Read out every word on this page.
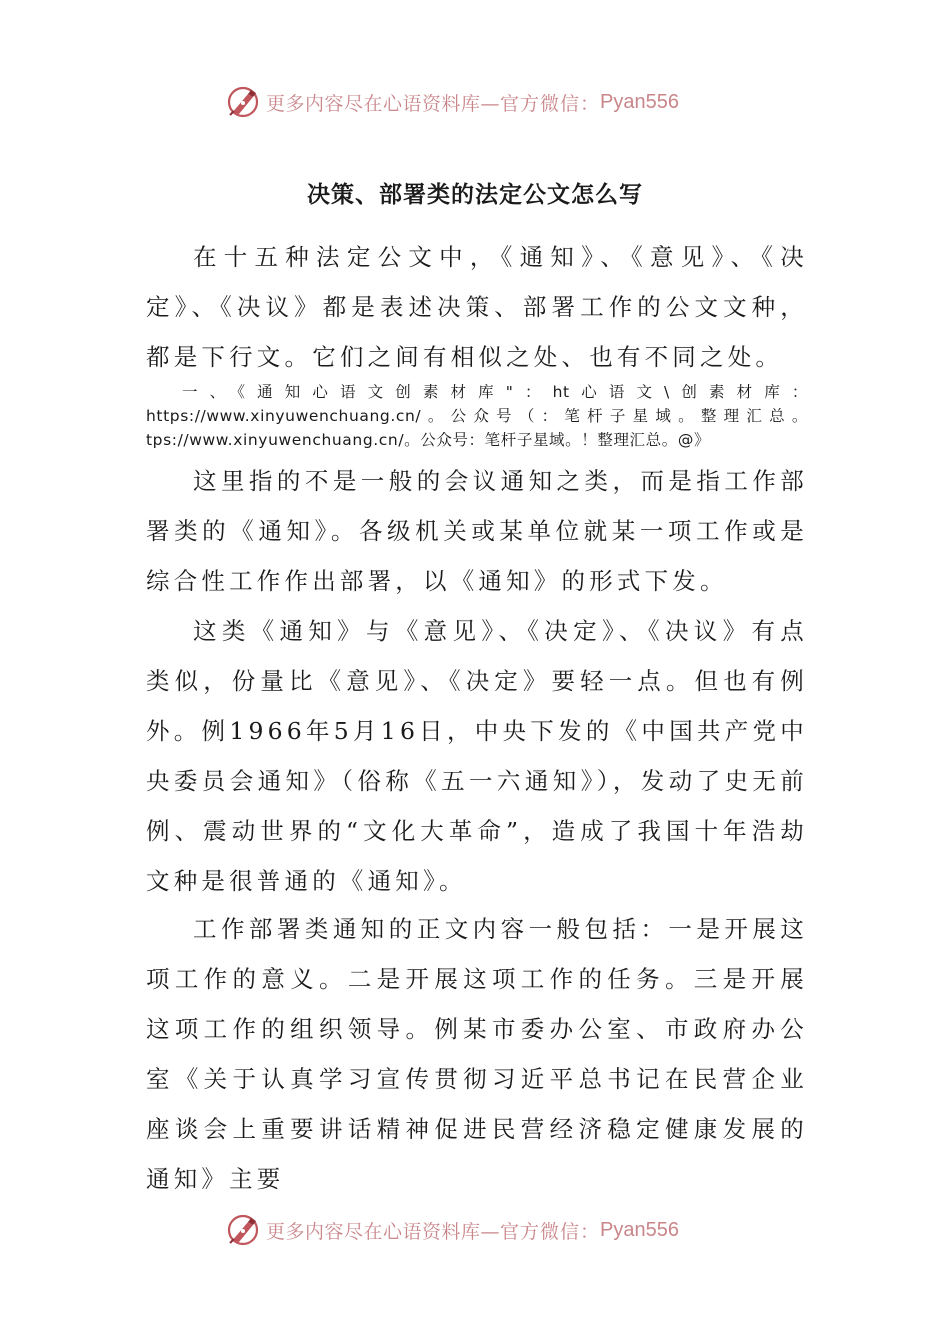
更多内容尽在心语资料库— 官方微信： Pyan556
决策、部署类的法定公文怎么写

在十五种法定公文中，《通知》、《意见》、《决定》、《决议》都是表述决策、部署工作的公文文种，都是下行文。它们之间有相似之处、也有不同之处。

一、《通知心语文创素材库"：ht心语文\创素材库：https://www.xinyuwenchuang.cn/。公众号（：笔杆子星域。整理汇总。tps://www.xinyuwenchuang.cn/。公众号：笔杆子星域。！整理汇总。@》

这里指的不是一般的会议通知之类，而是指工作部署类的《通知》。各级机关或某单位就某一项工作或是综合性工作作出部署，以《通知》的形式下发。

这类《通知》与《意见》、《决定》、《决议》有点类似，份量比《意见》、《决定》要轻一点。但也有例外。例1966年5月16日，中央下发的《中国共产党中央委员会通知》（俗称《五一六通知》），发动了史无前例、震动世界的“文化大革命”，造成了我国十年浩劫文种是很普通的《通知》。

工作部署类通知的正文内容一般包括：一是开展这项工作的意义。二是开展这项工作的任务。三是开展这项工作的组织领导。例某市委办公室、市政府办公室《关于认真学习宣传贯彻习近平总书记在民营企业座谈会上重要讲话精神促进民营经济稳定健康发展的通知》主要

更多内容尽在心语资料库— 官方微信： Pyan556
